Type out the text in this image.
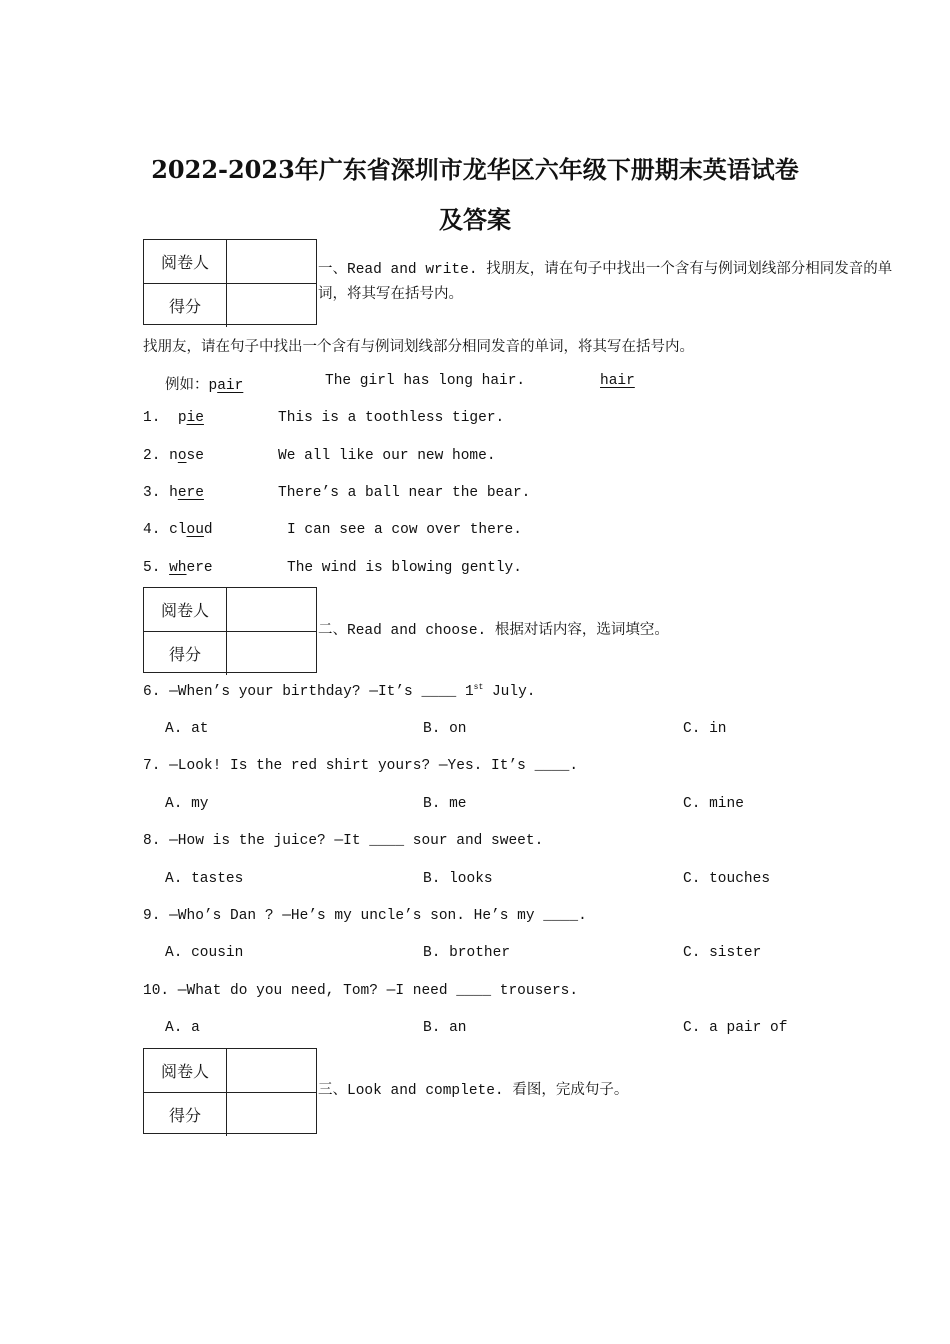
2022-2023年广东省深圳市龙华区六年级下册期末英语试卷
及答案
阅卷人
得分
一、Read and write. 找朋友，请在句子中找出一个含有与例词划线部分相同发音的单
词，将其写在括号内。
找朋友，请在句子中找出一个含有与例词划线部分相同发音的单词，将其写在括号内。
例如：pair	The girl has long hair.	hair
1. pie	This is a toothless tiger.
2. nose	We all like our new home.
3. here	There’s a ball near the bear.
4. cloud	I can see a cow over there.
5. where	The wind is blowing gently.
阅卷人
得分
二、Read and choose. 根据对话内容，选词填空。
6. —When’s your birthday? —It’s ____ 1st July.
A. at	B. on	C. in
7. —Look! Is the red shirt yours? —Yes. It’s ____.
A. my	B. me	C. mine
8. —How is the juice? —It ____ sour and sweet.
A. tastes	B. looks	C. touches
9. —Who’s Dan ? —He’s my uncle’s son. He’s my ____.
A. cousin	B. brother	C. sister
10. —What do you need, Tom? —I need ____ trousers.
A. a	B. an	C. a pair of
阅卷人
得分
三、Look and complete. 看图，完成句子。
